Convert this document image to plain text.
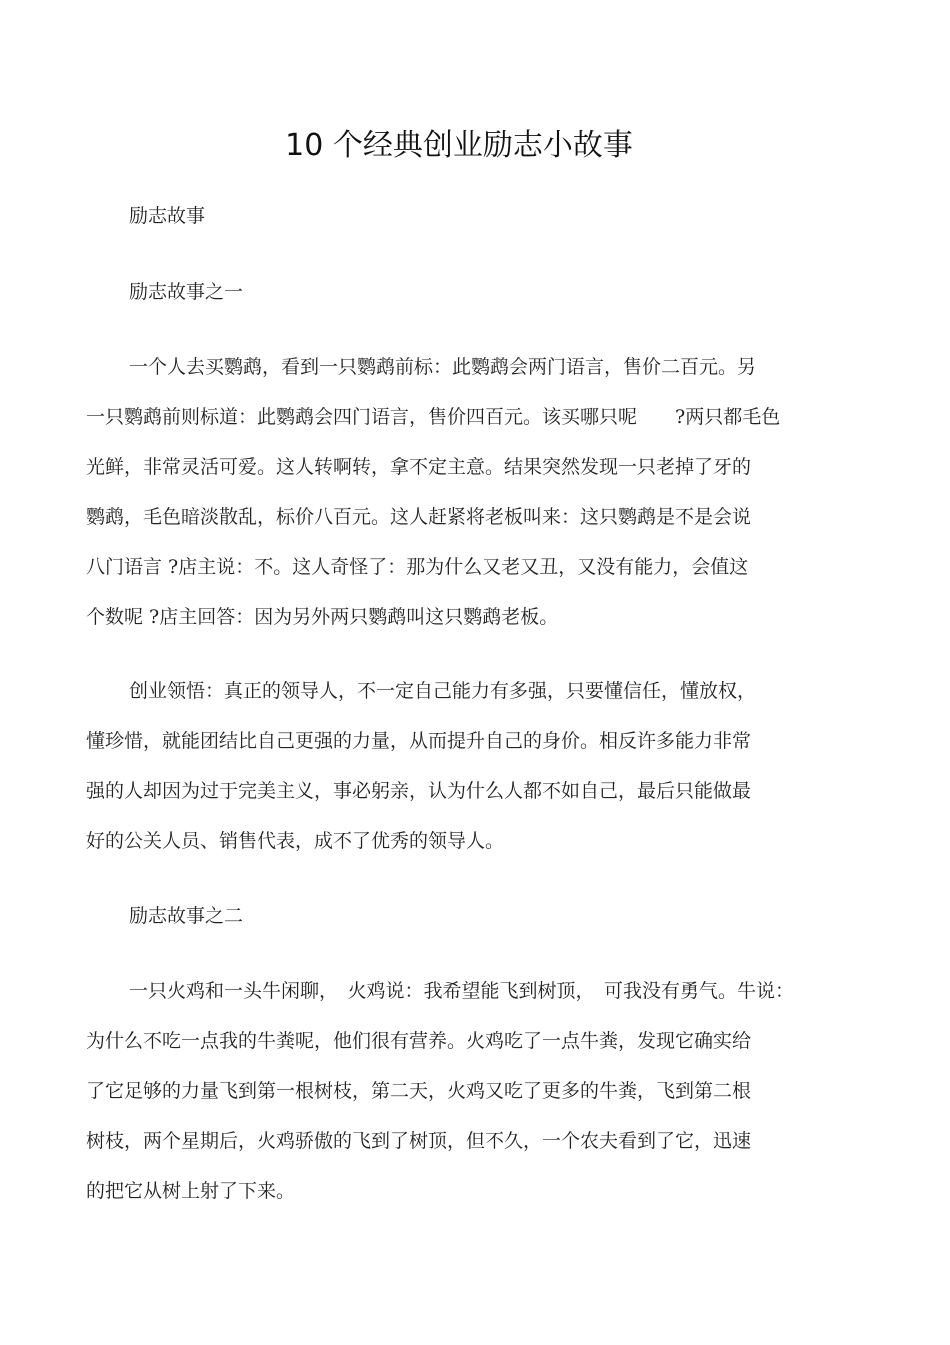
10 个经典创业励志小故事
励志故事
励志故事之一
一个人去买鹦鹉，看到一只鹦鹉前标：此鹦鹉会两门语言，售价二百元。另
一只鹦鹉前则标道：此鹦鹉会四门语言，售价四百元。该买哪只呢　　?两只都毛色
光鲜，非常灵活可爱。这人转啊转，拿不定主意。结果突然发现一只老掉了牙的
鹦鹉，毛色暗淡散乱，标价八百元。这人赶紧将老板叫来：这只鹦鹉是不是会说
八门语言 ?店主说：不。这人奇怪了：那为什么又老又丑，又没有能力，会值这
个数呢 ?店主回答：因为另外两只鹦鹉叫这只鹦鹉老板。
创业领悟：真正的领导人，不一定自己能力有多强，只要懂信任，懂放权，
懂珍惜，就能团结比自己更强的力量，从而提升自己的身价。相反许多能力非常
强的人却因为过于完美主义，事必躬亲，认为什么人都不如自己，最后只能做最
好的公关人员、销售代表，成不了优秀的领导人。
励志故事之二
一只火鸡和一头牛闲聊，　火鸡说：我希望能飞到树顶，　可我没有勇气。牛说：
为什么不吃一点我的牛粪呢，他们很有营养。火鸡吃了一点牛粪，发现它确实给
了它足够的力量飞到第一根树枝，第二天，火鸡又吃了更多的牛粪，飞到第二根
树枝，两个星期后，火鸡骄傲的飞到了树顶，但不久，一个农夫看到了它，迅速
的把它从树上射了下来。
